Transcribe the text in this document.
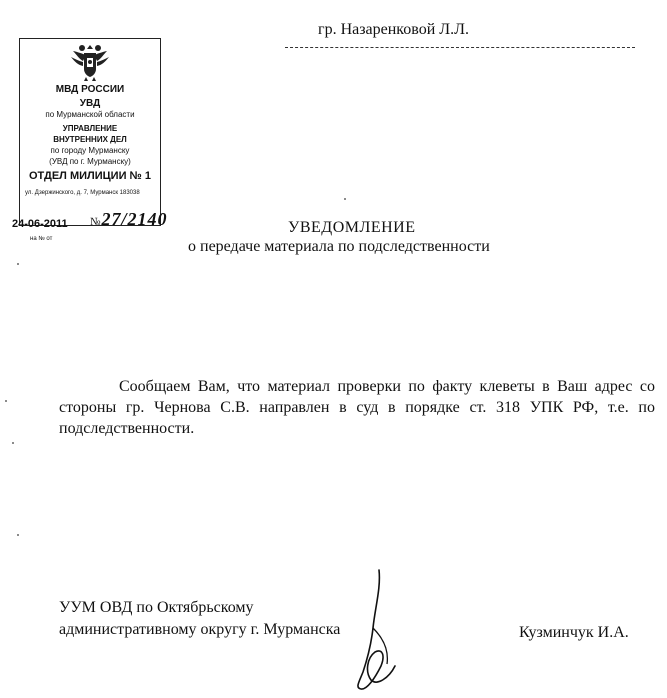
гр. Назаренковой Л.Л.
МВД РОССИИ
УВД
по Мурманской области
УПРАВЛЕНИЕ
ВНУТРЕННИХ ДЕЛ
по городу Мурманску
(УВД по г. Мурманску)
ОТДЕЛ МИЛИЦИИ № 1
ул. Дзержинского, д. 7, Мурманск 183038
24-06-2011 №27/2140
на № от
УВЕДОМЛЕНИЕ
о передаче материала по подследственности
Сообщаем Вам, что материал проверки по факту клеветы в Ваш адрес со стороны гр. Чернова С.В. направлен в суд в порядке ст. 318 УПК РФ, т.е. по подследственности.
УУМ ОВД по Октябрьскому
административному округу г. Мурманска	Кузминчук И.А.
